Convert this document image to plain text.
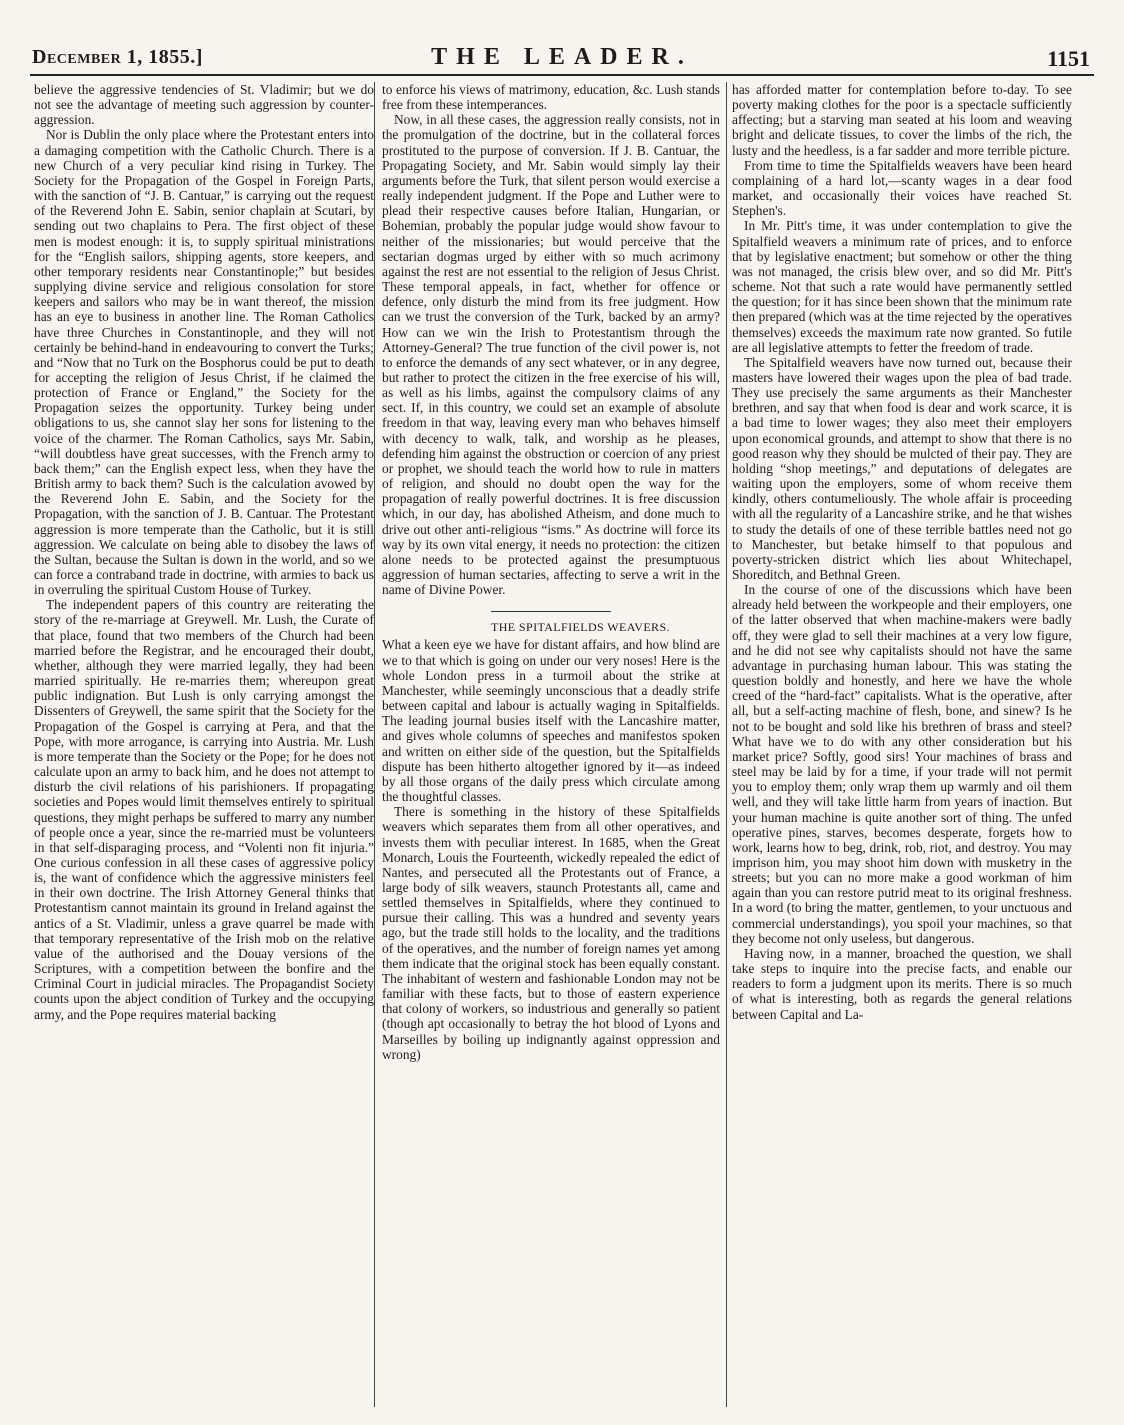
December 1, 1855.]	THE LEADER.	1151

believe the aggressive tendencies of St. Vladimir; but we do not see the advantage of meeting such aggression by counter-aggression.

Nor is Dublin the only place where the Protestant enters into a damaging competition with the Catholic Church. There is a new Church of a very peculiar kind rising in Turkey. The Society for the Propagation of the Gospel in Foreign Parts, with the sanction of “J. B. Cantuar,” is carrying out the request of the Reverend John E. Sabin, senior chaplain at Scutari, by sending out two chaplains to Pera. The first object of these men is modest enough: it is, to supply spiritual ministrations for the “English sailors, shipping agents, store keepers, and other temporary residents near Constantinople;” but besides supplying divine service and religious consolation for store keepers and sailors who may be in want thereof, the mission has an eye to business in another line. The Roman Catholics have three Churches in Constantinople, and they will not certainly be behind-hand in endeavouring to convert the Turks; and “Now that no Turk on the Bosphorus could be put to death for accepting the religion of Jesus Christ, if he claimed the protection of France or England,” the Society for the Propagation seizes the opportunity. Turkey being under obligations to us, she cannot slay her sons for listening to the voice of the charmer. The Roman Catholics, says Mr. Sabin, “will doubtless have great successes, with the French army to back them;” can the English expect less, when they have the British army to back them? Such is the calculation avowed by the Reverend John E. Sabin, and the Society for the Propagation, with the sanction of J. B. Cantuar. The Protestant aggression is more temperate than the Catholic, but it is still aggression. We calculate on being able to disobey the laws of the Sultan, because the Sultan is down in the world, and so we can force a contraband trade in doctrine, with armies to back us in overruling the spiritual Custom House of Turkey.

The independent papers of this country are reiterating the story of the re-marriage at Greywell. Mr. Lush, the Curate of that place, found that two members of the Church had been married before the Registrar, and he encouraged their doubt, whether, although they were married legally, they had been married spiritually. He re-marries them; whereupon great public indignation. But Lush is only carrying amongst the Dissenters of Greywell, the same spirit that the Society for the Propagation of the Gospel is carrying at Pera, and that the Pope, with more arrogance, is carrying into Austria. Mr. Lush is more temperate than the Society or the Pope; for he does not calculate upon an army to back him, and he does not attempt to disturb the civil relations of his parishioners. If propagating societies and Popes would limit themselves entirely to spiritual questions, they might perhaps be suffered to marry any number of people once a year, since the re-married must be volunteers in that self-disparaging process, and “Volenti non fit injuria.” One curious confession in all these cases of aggressive policy is, the want of confidence which the aggressive ministers feel in their own doctrine. The Irish Attorney General thinks that Protestantism cannot maintain its ground in Ireland against the antics of a St. Vladimir, unless a grave quarrel be made with that temporary representative of the Irish mob on the relative value of the authorised and the Douay versions of the Scriptures, with a competition between the bonfire and the Criminal Court in judicial miracles. The Propagandist Society counts upon the abject condition of Turkey and the occupying army, and the Pope requires material backing

to enforce his views of matrimony, education, &c. Lush stands free from these intemperances.

Now, in all these cases, the aggression really consists, not in the promulgation of the doctrine, but in the collateral forces prostituted to the purpose of conversion. If J. B. Cantuar, the Propagating Society, and Mr. Sabin would simply lay their arguments before the Turk, that silent person would exercise a really independent judgment. If the Pope and Luther were to plead their respective causes before Italian, Hungarian, or Bohemian, probably the popular judge would show favour to neither of the missionaries; but would perceive that the sectarian dogmas urged by either with so much acrimony against the rest are not essential to the religion of Jesus Christ. These temporal appeals, in fact, whether for offence or defence, only disturb the mind from its free judgment. How can we trust the conversion of the Turk, backed by an army? How can we win the Irish to Protestantism through the Attorney-General? The true function of the civil power is, not to enforce the demands of any sect whatever, or in any degree, but rather to protect the citizen in the free exercise of his will, as well as his limbs, against the compulsory claims of any sect. If, in this country, we could set an example of absolute freedom in that way, leaving every man who behaves himself with decency to walk, talk, and worship as he pleases, defending him against the obstruction or coercion of any priest or prophet, we should teach the world how to rule in matters of religion, and should no doubt open the way for the propagation of really powerful doctrines. It is free discussion which, in our day, has abolished Atheism, and done much to drive out other anti-religious “isms.” As doctrine will force its way by its own vital energy, it needs no protection: the citizen alone needs to be protected against the presumptuous aggression of human sectaries, affecting to serve a writ in the name of Divine Power.

THE SPITALFIELDS WEAVERS.

What a keen eye we have for distant affairs, and how blind are we to that which is going on under our very noses! Here is the whole London press in a turmoil about the strike at Manchester, while seemingly unconscious that a deadly strife between capital and labour is actually waging in Spitalfields. The leading journal busies itself with the Lancashire matter, and gives whole columns of speeches and manifestos spoken and written on either side of the question, but the Spitalfields dispute has been hitherto altogether ignored by it—as indeed by all those organs of the daily press which circulate among the thoughtful classes.

There is something in the history of these Spitalfields weavers which separates them from all other operatives, and invests them with peculiar interest. In 1685, when the Great Monarch, Louis the Fourteenth, wickedly repealed the edict of Nantes, and persecuted all the Protestants out of France, a large body of silk weavers, staunch Protestants all, came and settled themselves in Spitalfields, where they continued to pursue their calling. This was a hundred and seventy years ago, but the trade still holds to the locality, and the traditions of the operatives, and the number of foreign names yet among them indicate that the original stock has been equally constant. The inhabitant of western and fashionable London may not be familiar with these facts, but to those of eastern experience that colony of workers, so industrious and generally so patient (though apt occasionally to betray the hot blood of Lyons and Marseilles by boiling up indignantly against oppression and wrong)

has afforded matter for contemplation before to-day. To see poverty making clothes for the poor is a spectacle sufficiently affecting; but a starving man seated at his loom and weaving bright and delicate tissues, to cover the limbs of the rich, the lusty and the heedless, is a far sadder and more terrible picture.

From time to time the Spitalfields weavers have been heard complaining of a hard lot,—scanty wages in a dear food market, and occasionally their voices have reached St. Stephen's.

In Mr. Pitt's time, it was under contemplation to give the Spitalfield weavers a minimum rate of prices, and to enforce that by legislative enactment; but somehow or other the thing was not managed, the crisis blew over, and so did Mr. Pitt's scheme. Not that such a rate would have permanently settled the question; for it has since been shown that the minimum rate then prepared (which was at the time rejected by the operatives themselves) exceeds the maximum rate now granted. So futile are all legislative attempts to fetter the freedom of trade.

The Spitalfield weavers have now turned out, because their masters have lowered their wages upon the plea of bad trade. They use precisely the same arguments as their Manchester brethren, and say that when food is dear and work scarce, it is a bad time to lower wages; they also meet their employers upon economical grounds, and attempt to show that there is no good reason why they should be mulcted of their pay. They are holding “shop meetings,” and deputations of delegates are waiting upon the employers, some of whom receive them kindly, others contumeliously. The whole affair is proceeding with all the regularity of a Lancashire strike, and he that wishes to study the details of one of these terrible battles need not go to Manchester, but betake himself to that populous and poverty-stricken district which lies about Whitechapel, Shoreditch, and Bethnal Green.

In the course of one of the discussions which have been already held between the workpeople and their employers, one of the latter observed that when machine-makers were badly off, they were glad to sell their machines at a very low figure, and he did not see why capitalists should not have the same advantage in purchasing human labour. This was stating the question boldly and honestly, and here we have the whole creed of the “hard-fact” capitalists. What is the operative, after all, but a self-acting machine of flesh, bone, and sinew? Is he not to be bought and sold like his brethren of brass and steel? What have we to do with any other consideration but his market price? Softly, good sirs! Your machines of brass and steel may be laid by for a time, if your trade will not permit you to employ them; only wrap them up warmly and oil them well, and they will take little harm from years of inaction. But your human machine is quite another sort of thing. The unfed operative pines, starves, becomes desperate, forgets how to work, learns how to beg, drink, rob, riot, and destroy. You may imprison him, you may shoot him down with musketry in the streets; but you can no more make a good workman of him again than you can restore putrid meat to its original freshness. In a word (to bring the matter, gentlemen, to your unctuous and commercial understandings), you spoil your machines, so that they become not only useless, but dangerous.

Having now, in a manner, broached the question, we shall take steps to inquire into the precise facts, and enable our readers to form a judgment upon its merits. There is so much of what is interesting, both as regards the general relations between Capital and La-
